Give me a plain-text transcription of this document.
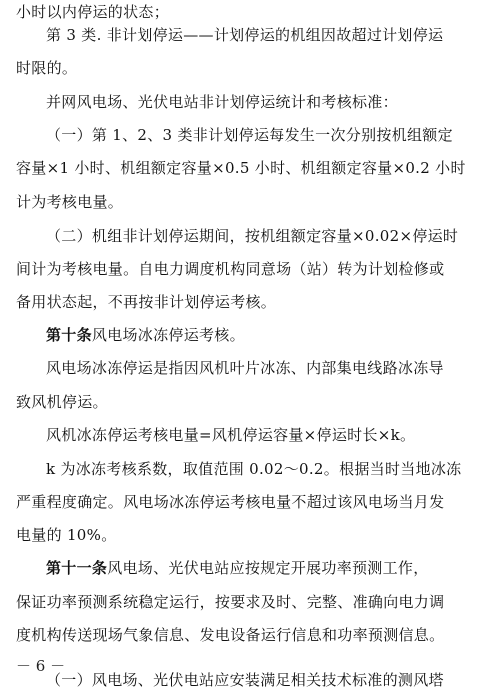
小时以内停运的状态；
第 3 类. 非计划停运——计划停运的机组因故超过计划停运
时限的。
并网风电场、光伏电站非计划停运统计和考核标准：
（一）第 1、2、3 类非计划停运每发生一次分别按机组额定
容量×1 小时、机组额定容量×0.5 小时、机组额定容量×0.2 小时
计为考核电量。
（二）机组非计划停运期间，按机组额定容量×0.02×停运时
间计为考核电量。自电力调度机构同意场（站）转为计划检修或
备用状态起，不再按非计划停运考核。
第十条风电场冰冻停运考核。
风电场冰冻停运是指因风机叶片冰冻、内部集电线路冰冻导
致风机停运。
风机冰冻停运考核电量=风机停运容量×停运时长×k。
k 为冰冻考核系数，取值范围 0.02～0.2。根据当时当地冰冻
严重程度确定。风电场冰冻停运考核电量不超过该风电场当月发
电量的 10%。
第十一条风电场、光伏电站应按规定开展功率预测工作，
保证功率预测系统稳定运行，按要求及时、完整、准确向电力调
度机构传送现场气象信息、发电设备运行信息和功率预测信息。
（一）风电场、光伏电站应安装满足相关技术标准的测风塔
－ 6 －
